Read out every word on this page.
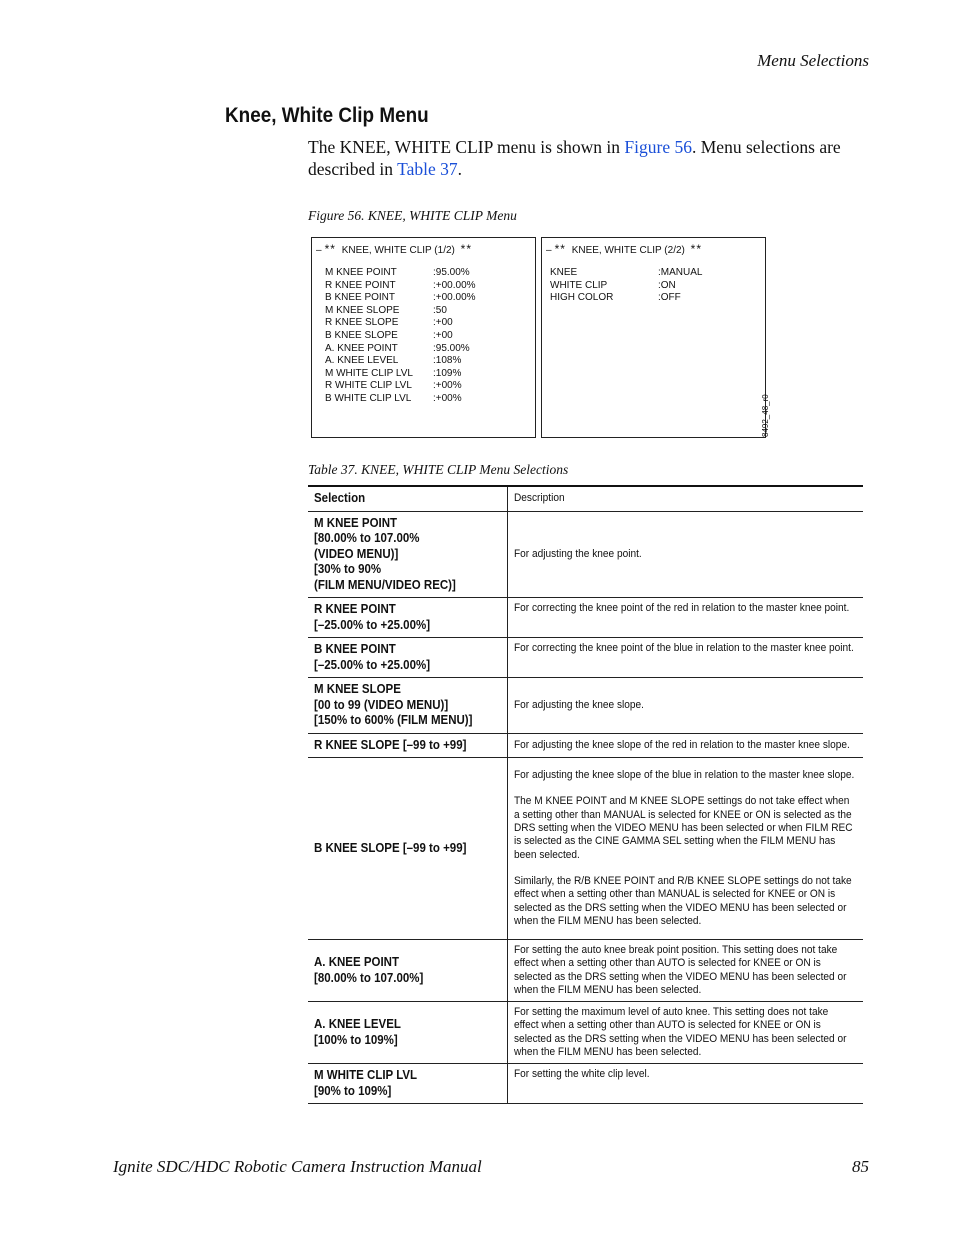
Menu Selections
Knee, White Clip Menu
The KNEE, WHITE CLIP menu is shown in Figure 56. Menu selections are described in Table 37.
Figure 56. KNEE, WHITE CLIP Menu
– ** KNEE, WHITE CLIP (1/2) **
M KNEE POINT	:95.00%
R KNEE POINT	:+00.00%
B KNEE POINT	:+00.00%
M KNEE SLOPE	:50
R KNEE SLOPE	:+00
B KNEE SLOPE	:+00
A. KNEE POINT	:95.00%
A. KNEE LEVEL	:108%
M WHITE CLIP LVL	:109%
R WHITE CLIP LVL	:+00%
B WHITE CLIP LVL	:+00%
– ** KNEE, WHITE CLIP (2/2) **
KNEE	:MANUAL
WHITE CLIP	:ON
HIGH COLOR	:OFF
8492_48_r0
Table 37. KNEE, WHITE CLIP Menu Selections
Selection	Description

M KNEE POINT
[80.00% to 107.00%
(VIDEO MENU)]
[30% to 90%
(FILM MENU/VIDEO REC)]	For adjusting the knee point.

R KNEE POINT
[–25.00% to +25.00%]	For correcting the knee point of the red in relation to the master knee point.

B KNEE POINT
[–25.00% to +25.00%]	For correcting the knee point of the blue in relation to the master knee point.

M KNEE SLOPE
[00 to 99 (VIDEO MENU)]
[150% to 600% (FILM MENU)]	For adjusting the knee slope.

R KNEE SLOPE [–99 to +99]	For adjusting the knee slope of the red in relation to the master knee slope.

B KNEE SLOPE [–99 to +99]	For adjusting the knee slope of the blue in relation to the master knee slope.

The M KNEE POINT and M KNEE SLOPE settings do not take effect when a setting other than MANUAL is selected for KNEE or ON is selected as the DRS setting when the VIDEO MENU has been selected or when FILM REC is selected as the CINE GAMMA SEL setting when the FILM MENU has been selected.

Similarly, the R/B KNEE POINT and R/B KNEE SLOPE settings do not take effect when a setting other than MANUAL is selected for KNEE or ON is selected as the DRS setting when the VIDEO MENU has been selected or when the FILM MENU has been selected.

A. KNEE POINT
[80.00% to 107.00%]	For setting the auto knee break point position. This setting does not take effect when a setting other than AUTO is selected for KNEE or ON is selected as the DRS setting when the VIDEO MENU has been selected or when the FILM MENU has been selected.

A. KNEE LEVEL
[100% to 109%]	For setting the maximum level of auto knee. This setting does not take effect when a setting other than AUTO is selected for KNEE or ON is selected as the DRS setting when the VIDEO MENU has been selected or when the FILM MENU has been selected.

M WHITE CLIP LVL
[90% to 109%]	For setting the white clip level.
Ignite SDC/HDC Robotic Camera Instruction Manual	85
